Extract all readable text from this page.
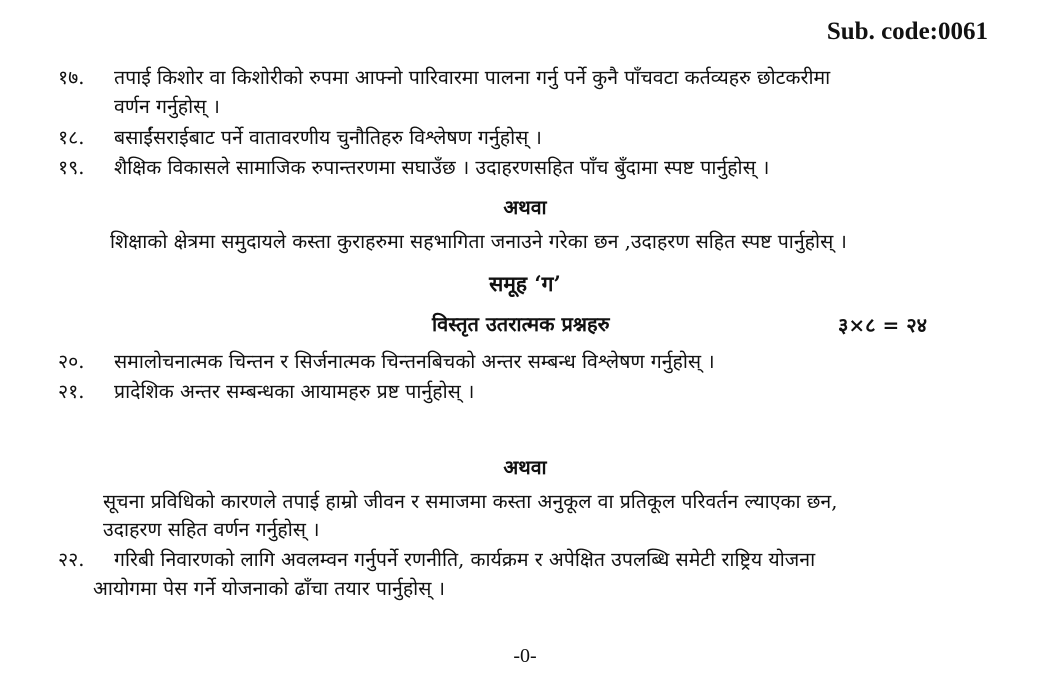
Sub. code:0061
१७. तपाई किशोर वा किशोरीको रुपमा आफ्नो पारिवारमा पालना गर्नु पर्ने कुनै पाँचवटा कर्तव्यहरु छोटकरीमा
वर्णन गर्नुहोस् ।
१८. बसाईंसराईबाट पर्ने वातावरणीय चुनौतिहरु विश्लेषण गर्नुहोस् ।
१९. शैक्षिक विकासले सामाजिक रुपान्तरणमा सघाउँछ । उदाहरणसहित पाँच बुँदामा स्पष्ट पार्नुहोस् ।
अथवा
शिक्षाको क्षेत्रमा समुदायले कस्ता कुराहरुमा सहभागिता जनाउने गरेका छन ,उदाहरण सहित स्पष्ट पार्नुहोस् ।
समूह ‘ग’
विस्तृत उतरात्मक प्रश्नहरु	३×८ = २४
२०. समालोचनात्मक चिन्तन र सिर्जनात्मक चिन्तनबिचको अन्तर सम्बन्ध विश्लेषण गर्नुहोस् ।
२१. प्रादेशिक अन्तर सम्बन्धका आयामहरु प्रष्ट पार्नुहोस् ।
अथवा
सूचना प्रविधिको कारणले तपाई हाम्रो जीवन र समाजमा कस्ता अनुकूल वा प्रतिकूल परिवर्तन ल्याएका छन,
उदाहरण सहित वर्णन गर्नुहोस् ।
२२. गरिबी निवारणको लागि अवलम्वन गर्नुपर्ने रणनीति, कार्यक्रम र अपेक्षित उपलब्धि समेटी राष्ट्रिय योजना
आयोगमा पेस गर्ने योजनाको ढाँचा तयार पार्नुहोस् ।
-0-
